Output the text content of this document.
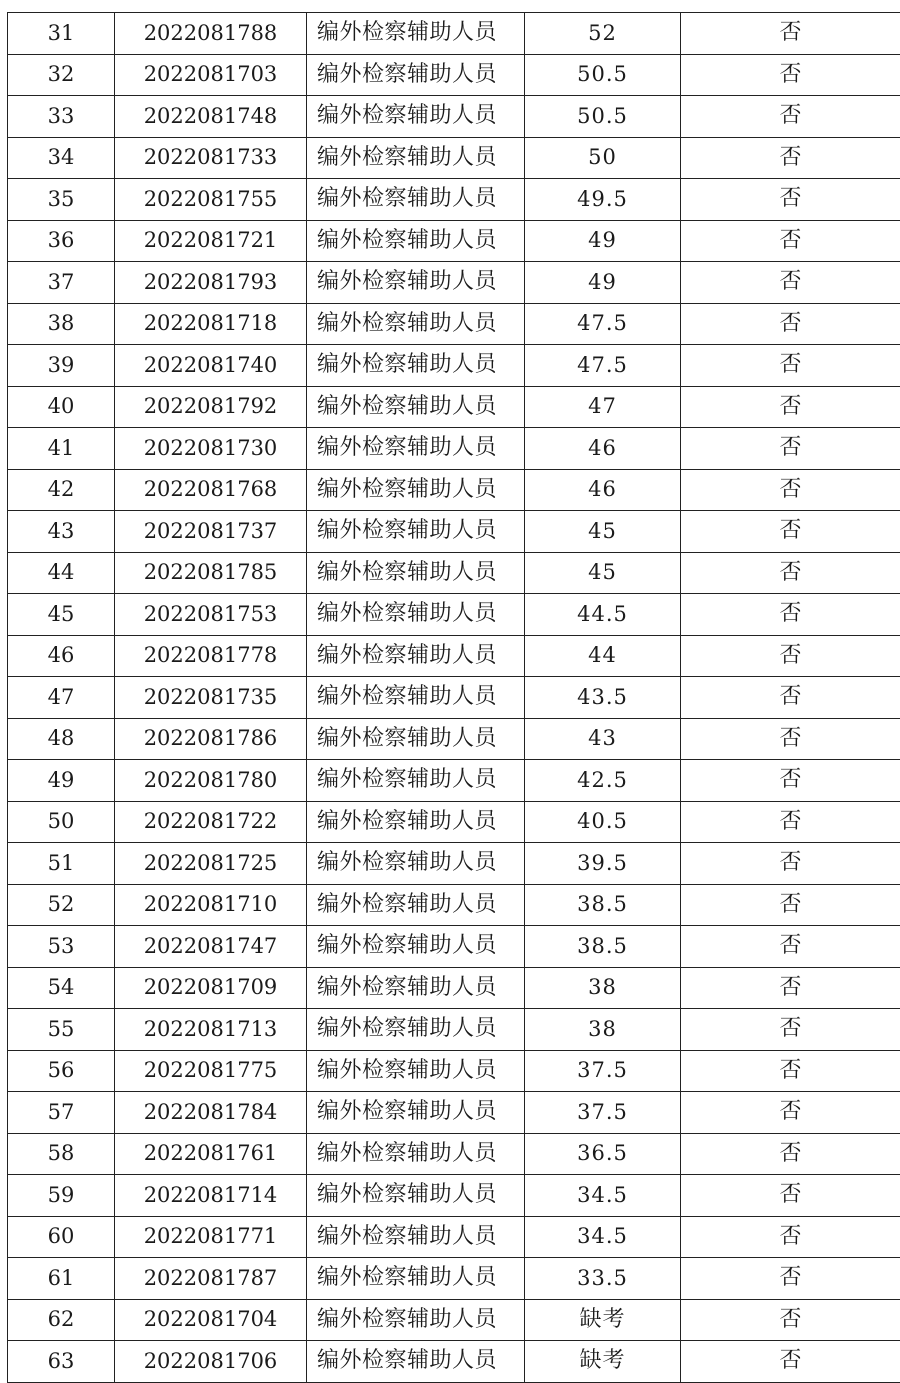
31	2022081788	编外检察辅助人员	52	否
32	2022081703	编外检察辅助人员	50.5	否
33	2022081748	编外检察辅助人员	50.5	否
34	2022081733	编外检察辅助人员	50	否
35	2022081755	编外检察辅助人员	49.5	否
36	2022081721	编外检察辅助人员	49	否
37	2022081793	编外检察辅助人员	49	否
38	2022081718	编外检察辅助人员	47.5	否
39	2022081740	编外检察辅助人员	47.5	否
40	2022081792	编外检察辅助人员	47	否
41	2022081730	编外检察辅助人员	46	否
42	2022081768	编外检察辅助人员	46	否
43	2022081737	编外检察辅助人员	45	否
44	2022081785	编外检察辅助人员	45	否
45	2022081753	编外检察辅助人员	44.5	否
46	2022081778	编外检察辅助人员	44	否
47	2022081735	编外检察辅助人员	43.5	否
48	2022081786	编外检察辅助人员	43	否
49	2022081780	编外检察辅助人员	42.5	否
50	2022081722	编外检察辅助人员	40.5	否
51	2022081725	编外检察辅助人员	39.5	否
52	2022081710	编外检察辅助人员	38.5	否
53	2022081747	编外检察辅助人员	38.5	否
54	2022081709	编外检察辅助人员	38	否
55	2022081713	编外检察辅助人员	38	否
56	2022081775	编外检察辅助人员	37.5	否
57	2022081784	编外检察辅助人员	37.5	否
58	2022081761	编外检察辅助人员	36.5	否
59	2022081714	编外检察辅助人员	34.5	否
60	2022081771	编外检察辅助人员	34.5	否
61	2022081787	编外检察辅助人员	33.5	否
62	2022081704	编外检察辅助人员	缺考	否
63	2022081706	编外检察辅助人员	缺考	否
